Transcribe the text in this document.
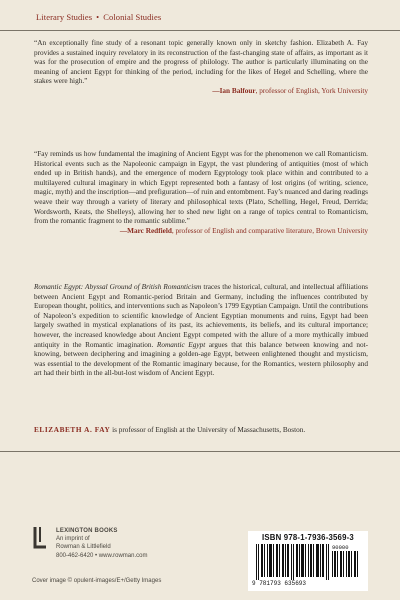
Literary Studies • Colonial Studies
“An exceptionally fine study of a resonant topic generally known only in sketchy fashion. Elizabeth A. Fay provides a sustained inquiry revelatory in its reconstruction of the fast-changing state of affairs, as important as it was for the prosecution of empire and the progress of philology. The author is particularly illuminating on the meaning of ancient Egypt for thinking of the period, including for the likes of Hegel and Schelling, where the stakes were high.”
—Ian Balfour, professor of English, York University
“Fay reminds us how fundamental the imagining of Ancient Egypt was for the phenomenon we call Romanticism. Historical events such as the Napoleonic campaign in Egypt, the vast plundering of antiquities (most of which ended up in British hands), and the emergence of modern Egyptology took place within and contributed to a multilayered cultural imaginary in which Egypt represented both a fantasy of lost origins (of writing, science, magic, myth) and the inscription—and prefiguration—of ruin and entombment. Fay’s nuanced and daring readings weave their way through a variety of literary and philosophical texts (Plato, Schelling, Hegel, Freud, Derrida; Wordsworth, Keats, the Shelleys), allowing her to shed new light on a range of topics central to Romanticism, from the romantic fragment to the romantic sublime.”
—Marc Redfield, professor of English and comparative literature, Brown University
Romantic Egypt: Abyssal Ground of British Romanticism traces the historical, cultural, and intellectual affiliations between Ancient Egypt and Romantic-period Britain and Germany, including the influences contributed by European thought, politics, and interventions such as Napoleon’s 1799 Egyptian Campaign. Until the contributions of Napoleon’s expedition to scientific knowledge of Ancient Egyptian monuments and ruins, Egypt had been largely swathed in mystical explanations of its past, its achievements, its beliefs, and its cultural importance; however, the increased knowledge about Ancient Egypt competed with the allure of a more mythically imbued antiquity in the Romantic imagination. Romantic Egypt argues that this balance between knowing and not-knowing, between deciphering and imagining a golden-age Egypt, between enlightened thought and mysticism, was essential to the development of the Romantic imaginary because, for the Romantics, western philosophy and art had their birth in the all-but-lost wisdom of Ancient Egypt.
ELIZABETH A. FAY is professor of English at the University of Massachusetts, Boston.
LEXINGTON BOOKS
An imprint of
Rowman & Littlefield
800-462-6420 • www.rowman.com
Cover image © opulent-images/E+/Getty Images
ISBN 978-1-7936-3569-3
90000
9 781793 635693
